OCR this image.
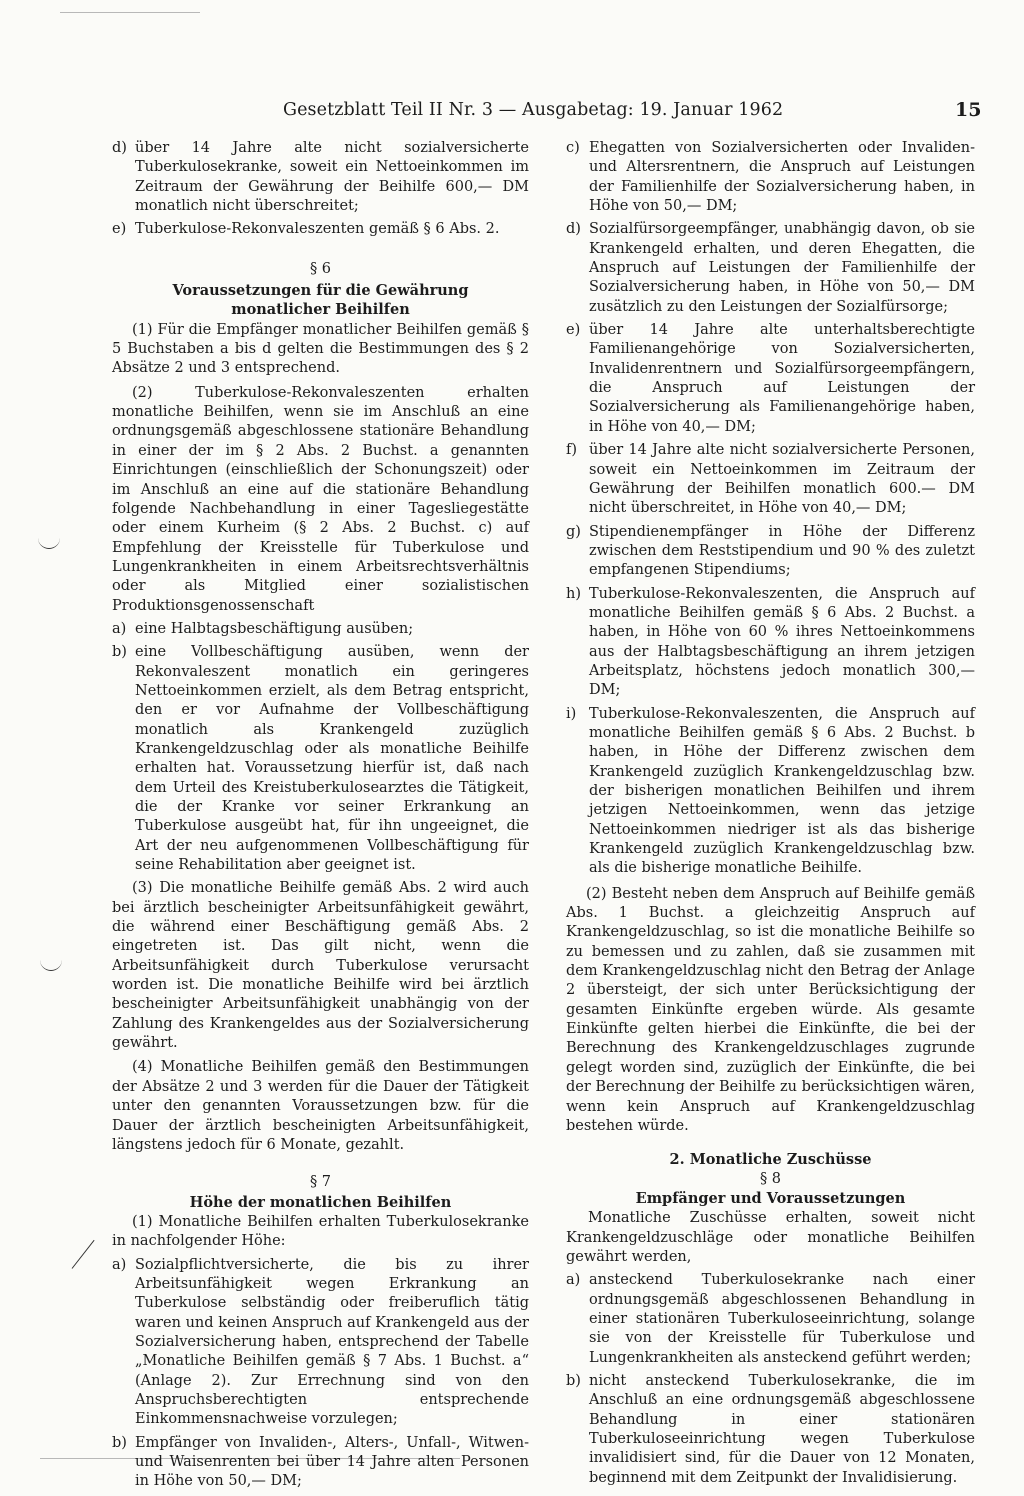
Gesetzblatt Teil II Nr. 3 — Ausgabetag: 19. Januar 1962	15
d) über 14 Jahre alte nicht sozialversicherte Tuberkulosekranke, soweit ein Nettoeinkommen im Zeitraum der Gewährung der Beihilfe 600,— DM monatlich nicht überschreitet;
e) Tuberkulose-Rekonvaleszenten gemäß § 6 Abs. 2.
§ 6
Voraussetzungen für die Gewährung
monatlicher Beihilfen

(1) Für die Empfänger monatlicher Beihilfen gemäß § 5 Buchstaben a bis d gelten die Bestimmungen des § 2 Absätze 2 und 3 entsprechend.

(2) Tuberkulose-Rekonvaleszenten erhalten monatliche Beihilfen, wenn sie im Anschluß an eine ordnungsgemäß abgeschlossene stationäre Behandlung in einer der im § 2 Abs. 2 Buchst. a genannten Einrichtungen (einschließlich der Schonungszeit) oder im Anschluß an eine auf die stationäre Behandlung folgende Nachbehandlung in einer Tagesliegestätte oder einem Kurheim (§ 2 Abs. 2 Buchst. c) auf Empfehlung der Kreisstelle für Tuberkulose und Lungenkrankheiten in einem Arbeitsrechtsverhältnis oder als Mitglied einer sozialistischen Produktionsgenossenschaft

a) eine Halbtagsbeschäftigung ausüben;
b) eine Vollbeschäftigung ausüben, wenn der Rekonvaleszent monatlich ein geringeres Nettoeinkommen erzielt, als dem Betrag entspricht, den er vor Aufnahme der Vollbeschäftigung monatlich als Krankengeld zuzüglich Krankengeldzuschlag oder als monatliche Beihilfe erhalten hat. Voraussetzung hierfür ist, daß nach dem Urteil des Kreistuberkulosearztes die Tätigkeit, die der Kranke vor seiner Erkrankung an Tuberkulose ausgeübt hat, für ihn ungeeignet, die Art der neu aufgenommenen Vollbeschäftigung für seine Rehabilitation aber geeignet ist.

(3) Die monatliche Beihilfe gemäß Abs. 2 wird auch bei ärztlich bescheinigter Arbeitsunfähigkeit gewährt, die während einer Beschäftigung gemäß Abs. 2 eingetreten ist. Das gilt nicht, wenn die Arbeitsunfähigkeit durch Tuberkulose verursacht worden ist. Die monatliche Beihilfe wird bei ärztlich bescheinigter Arbeitsunfähigkeit unabhängig von der Zahlung des Krankengeldes aus der Sozialversicherung gewährt.

(4) Monatliche Beihilfen gemäß den Bestimmungen der Absätze 2 und 3 werden für die Dauer der Tätigkeit unter den genannten Voraussetzungen bzw. für die Dauer der ärztlich bescheinigten Arbeitsunfähigkeit, längstens jedoch für 6 Monate, gezahlt.

§ 7
Höhe der monatlichen Beihilfen

(1) Monatliche Beihilfen erhalten Tuberkulosekranke in nachfolgender Höhe:

a) Sozialpflichtversicherte, die bis zu ihrer Arbeitsunfähigkeit wegen Erkrankung an Tuberkulose selbständig oder freiberuflich tätig waren und keinen Anspruch auf Krankengeld aus der Sozialversicherung haben, entsprechend der Tabelle „Monatliche Beihilfen gemäß § 7 Abs. 1 Buchst. a“ (Anlage 2). Zur Errechnung sind von den Anspruchsberechtigten entsprechende Einkommensnachweise vorzulegen;
b) Empfänger von Invaliden-, Alters-, Unfall-, Witwen- und Waisenrenten bei über 14 Jahre alten Personen in Höhe von 50,— DM;
c) Ehegatten von Sozialversicherten oder Invaliden- und Altersrentnern, die Anspruch auf Leistungen der Familienhilfe der Sozialversicherung haben, in Höhe von 50,— DM;
d) Sozialfürsorgeempfänger, unabhängig davon, ob sie Krankengeld erhalten, und deren Ehegatten, die Anspruch auf Leistungen der Familienhilfe der Sozialversicherung haben, in Höhe von 50,— DM zusätzlich zu den Leistungen der Sozialfürsorge;
e) über 14 Jahre alte unterhaltsberechtigte Familienangehörige von Sozialversicherten, Invalidenrentnern und Sozialfürsorgeempfängern, die Anspruch auf Leistungen der Sozialversicherung als Familienangehörige haben, in Höhe von 40,— DM;
f) über 14 Jahre alte nicht sozialversicherte Personen, soweit ein Nettoeinkommen im Zeitraum der Gewährung der Beihilfen monatlich 600.— DM nicht überschreitet, in Höhe von 40,— DM;
g) Stipendienempfänger in Höhe der Differenz zwischen dem Reststipendium und 90 % des zuletzt empfangenen Stipendiums;
h) Tuberkulose-Rekonvaleszenten, die Anspruch auf monatliche Beihilfen gemäß § 6 Abs. 2 Buchst. a haben, in Höhe von 60 % ihres Nettoeinkommens aus der Halbtagsbeschäftigung an ihrem jetzigen Arbeitsplatz, höchstens jedoch monatlich 300,— DM;
i) Tuberkulose-Rekonvaleszenten, die Anspruch auf monatliche Beihilfen gemäß § 6 Abs. 2 Buchst. b haben, in Höhe der Differenz zwischen dem Krankengeld zuzüglich Krankengeldzuschlag bzw. der bisherigen monatlichen Beihilfen und ihrem jetzigen Nettoeinkommen, wenn das jetzige Nettoeinkommen niedriger ist als das bisherige Krankengeld zuzüglich Krankengeldzuschlag bzw. als die bisherige monatliche Beihilfe.

(2) Besteht neben dem Anspruch auf Beihilfe gemäß Abs. 1 Buchst. a gleichzeitig Anspruch auf Krankengeldzuschlag, so ist die monatliche Beihilfe so zu bemessen und zu zahlen, daß sie zusammen mit dem Krankengeldzuschlag nicht den Betrag der Anlage 2 übersteigt, der sich unter Berücksichtigung der gesamten Einkünfte ergeben würde. Als gesamte Einkünfte gelten hierbei die Einkünfte, die bei der Berechnung des Krankengeldzuschlages zugrunde gelegt worden sind, zuzüglich der Einkünfte, die bei der Berechnung der Beihilfe zu berücksichtigen wären, wenn kein Anspruch auf Krankengeldzuschlag bestehen würde.

2. Monatliche Zuschüsse
§ 8
Empfänger und Voraussetzungen

Monatliche Zuschüsse erhalten, soweit nicht Krankengeldzuschläge oder monatliche Beihilfen gewährt werden,

a) ansteckend Tuberkulosekranke nach einer ordnungsgemäß abgeschlossenen Behandlung in einer stationären Tuberkuloseeinrichtung, solange sie von der Kreisstelle für Tuberkulose und Lungenkrankheiten als ansteckend geführt werden;
b) nicht ansteckend Tuberkulosekranke, die im Anschluß an eine ordnungsgemäß abgeschlossene Behandlung in einer stationären Tuberkuloseeinrichtung wegen Tuberkulose invalidisiert sind, für die Dauer von 12 Monaten, beginnend mit dem Zeitpunkt der Invalidisierung.
